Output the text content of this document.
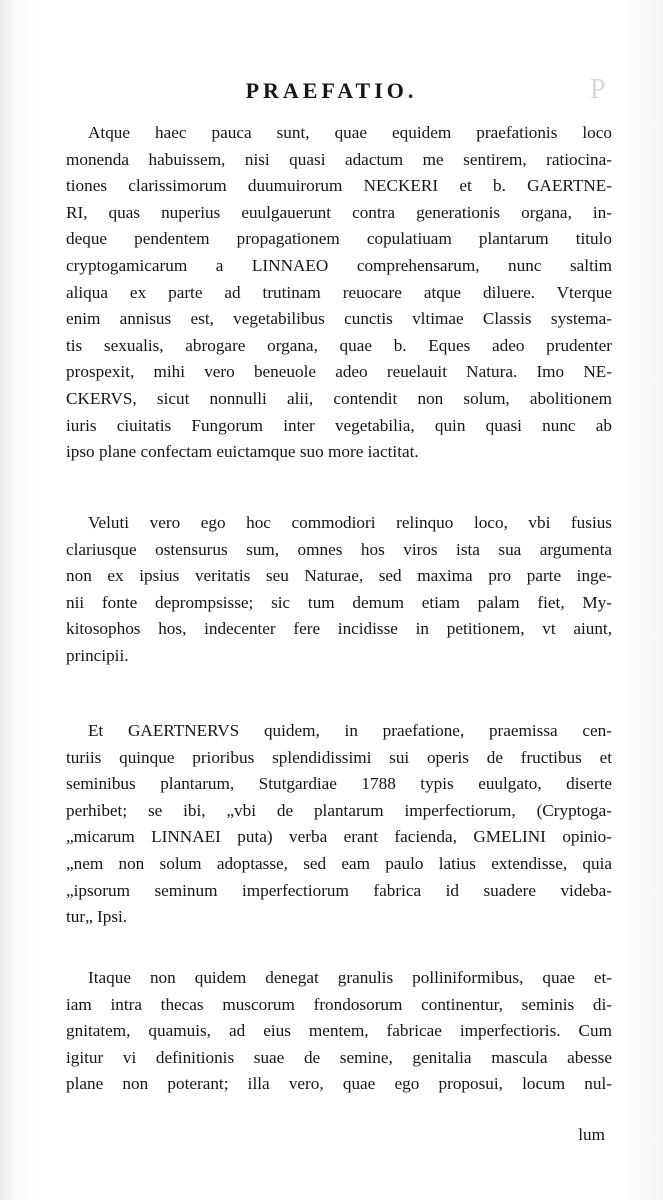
PRAEFATIO.	P
Atque haec pauca sunt, quae equidem praefationis loco
monenda habuissem, nisi quasi adactum me sentirem, ratiocina-
tiones clarissimorum duumuirorum NECKERI et b. GAERTNE-
RI, quas nuperius euulgauerunt contra generationis organa, in-
deque pendentem propagationem copulatiuam plantarum titulo
cryptogamicarum a LINNAEO comprehensarum, nunc saltim
aliqua ex parte ad trutinam reuocare atque diluere. Vterque
enim annisus est, vegetabilibus cunctis vltimae Classis systema-
tis sexualis, abrogare organa, quae b. Eques adeo prudenter
prospexit, mihi vero beneuole adeo reuelauit Natura. Imo NE-
CKERVS, sicut nonnulli alii, contendit non solum, abolitionem
iuris ciuitatis Fungorum inter vegetabilia, quin quasi nunc ab
ipso plane confectam euictamque suo more iactitat.
Veluti vero ego hoc commodiori relinquo loco, vbi fusius
clariusque ostensurus sum, omnes hos viros ista sua argumenta
non ex ipsius veritatis seu Naturae, sed maxima pro parte inge-
nii fonte deprompsisse; sic tum demum etiam palam fiet, My-
kitosophos hos, indecenter fere incidisse in petitionem, vt aiunt,
principii.
Et GAERTNERVS quidem, in praefatione, praemissa cen-
turiis quinque prioribus splendidissimi sui operis de fructibus et
seminibus plantarum, Stutgardiae 1788 typis euulgato, diserte
perhibet; se ibi, „vbi de plantarum imperfectiorum, (Cryptoga-
„micarum LINNAEI puta) verba erant facienda, GMELINI opinio-
„nem non solum adoptasse, sed eam paulo latius extendisse, quia
„ipsorum seminum imperfectiorum fabrica id suadere videba-
tur„ Ipsi.
Itaque non quidem denegat granulis polliniformibus, quae et-
iam intra thecas muscorum frondosorum continentur, seminis di-
gnitatem, quamuis, ad eius mentem, fabricae imperfectioris. Cum
igitur vi definitionis suae de semine, genitalia mascula abesse
plane non poterant; illa vero, quae ego proposui, locum nul-
lum
